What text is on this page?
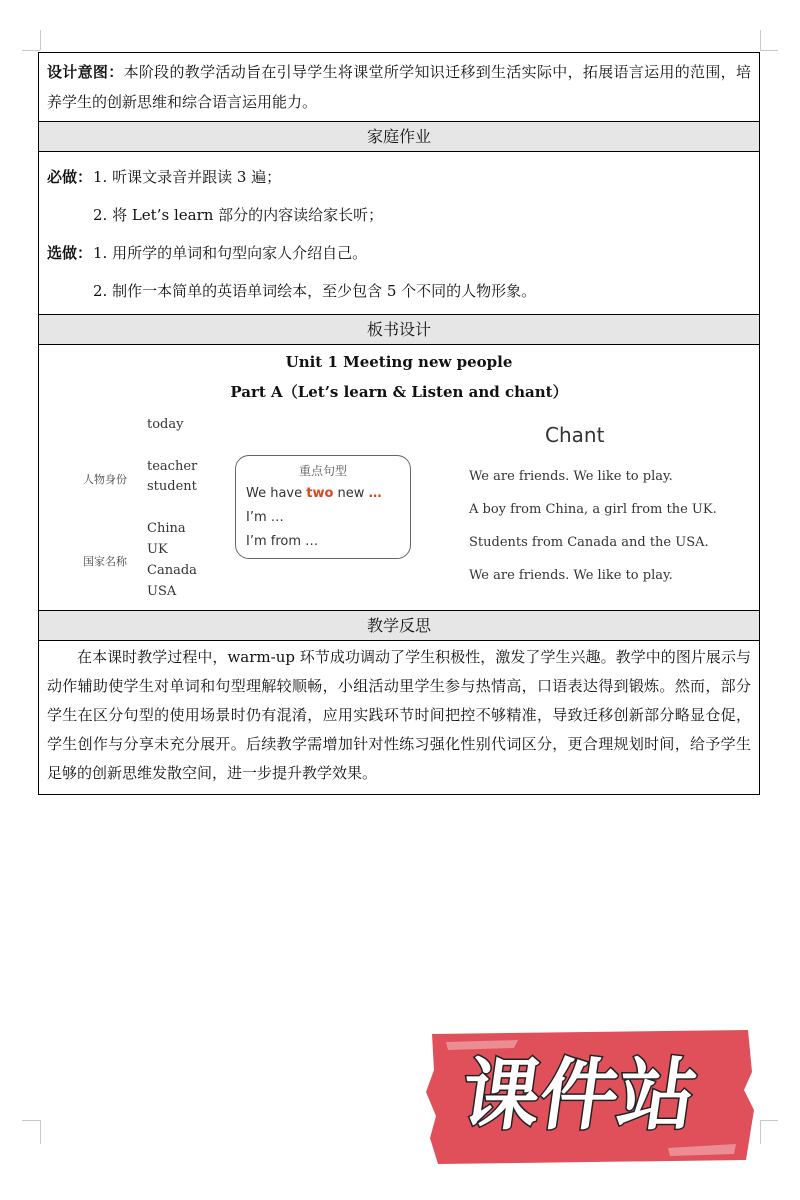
设计意图：本阶段的教学活动旨在引导学生将课堂所学知识迁移到生活实际中，拓展语言运用的范围，培养学生的创新思维和综合语言运用能力。
家庭作业
必做：1. 听课文录音并跟读 3 遍；
2. 将 Let’s learn 部分的内容读给家长听；
选做：1. 用所学的单词和句型向家人介绍自己。
2. 制作一本简单的英语单词绘本，至少包含 5 个不同的人物形象。
板书设计
Unit 1 Meeting new people
Part A（Let’s learn & Listen and chant）
today
人物身份
teacher
student
国家名称
China
UK
Canada
USA
重点句型
We have two new …
I’m …
I’m from …
Chant
We are friends. We like to play.
A boy from China, a girl from the UK.
Students from Canada and the USA.
We are friends. We like to play.
教学反思
在本课时教学过程中，warm-up 环节成功调动了学生积极性，激发了学生兴趣。教学中的图片展示与动作辅助使学生对单词和句型理解较顺畅，小组活动里学生参与热情高，口语表达得到锻炼。然而，部分学生在区分句型的使用场景时仍有混淆，应用实践环节时间把控不够精准，导致迁移创新部分略显仓促，学生创作与分享未充分展开。后续教学需增加针对性练习强化性别代词区分，更合理规划时间，给予学生足够的创新思维发散空间，进一步提升教学效果。
课件站
